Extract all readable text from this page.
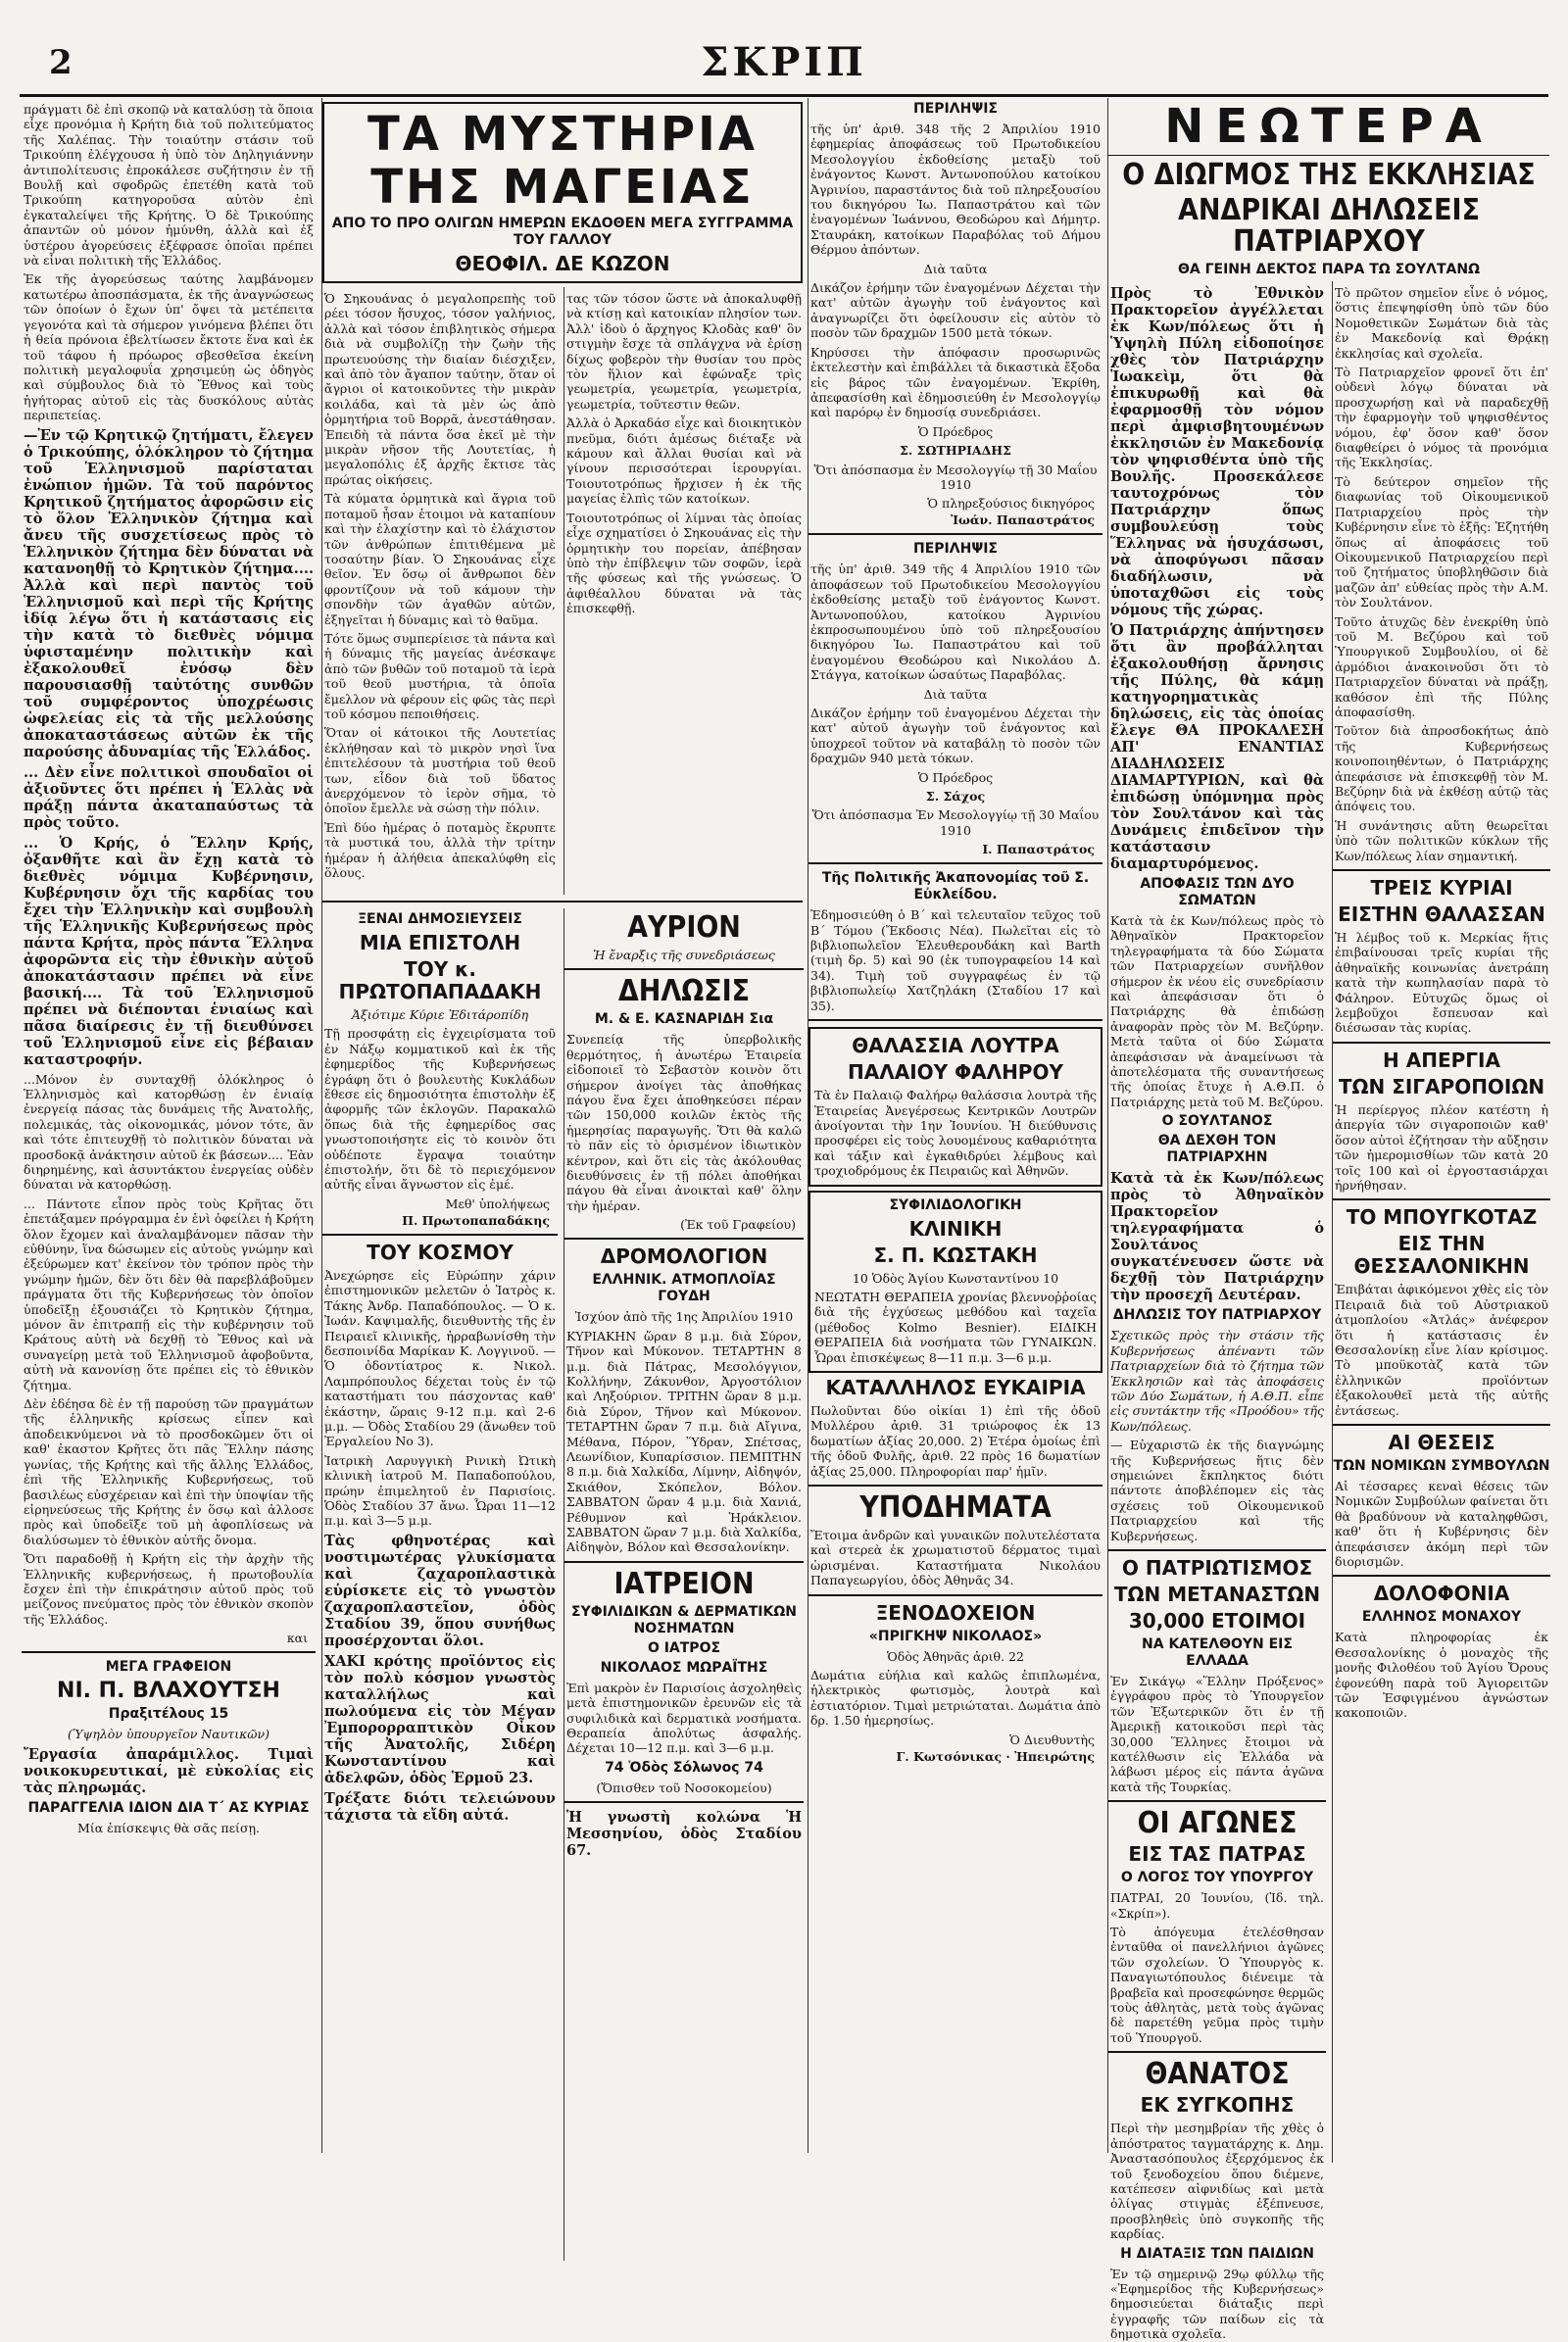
2	ΣΚΡΙΠ

πράγματι δὲ ἐπὶ σκοπῷ νὰ καταλύσῃ τὰ ὅποια εἶχε προνόμια ἡ Κρήτη διὰ τοῦ πολιτεύματος τῆς Χαλέπας. Τὴν τοιαύτην στάσιν τοῦ Τρικούπη ἐλέγχουσα ἡ ὑπὸ τὸν Δηληγιάννην ἀντιπολίτευσις ἐπροκάλεσε συζήτησιν ἐν τῇ Βουλῇ καὶ σφοδρῶς ἐπετέθη κατὰ τοῦ Τρικούπη κατηγοροῦσα αὐτὸν ἐπὶ ἐγκαταλείψει τῆς Κρήτης. Ὁ δὲ Τρικούπης ἀπαντῶν οὐ μόνον ἠμύνθη, ἀλλὰ καὶ ἐξ ὑστέρου ἀγορεύσεις ἐξέφρασε ὁποῖαι πρέπει νὰ εἶναι πολιτικὴ τῆς Ἑλλάδος.

Ἐκ τῆς ἀγορεύσεως ταύτης λαμβάνομεν κατωτέρω ἀποσπάσματα, ἐκ τῆς ἀναγνώσεως τῶν ὁποίων ὁ ἔχων ὑπ' ὄψει τὰ μετέπειτα γεγονότα καὶ τὰ σήμερον γινόμενα βλέπει ὅτι ἡ θεία πρόνοια ἐβελτίωσεν ἔκτοτε ἕνα καὶ ἐκ τοῦ τάφου ἡ πρόωρος σβεσθεῖσα ἐκείνη πολιτικὴ μεγαλοφυΐα χρησιμεύῃ ὡς ὁδηγὸς καὶ σύμβουλος διὰ τὸ Ἔθνος καὶ τοὺς ἡγήτορας αὐτοῦ εἰς τὰς δυσκόλους αὐτὰς περιπετείας.

—Ἐν τῷ Κρητικῷ ζητήματι, ἔλεγεν ὁ Τρικούπης, ὁλόκληρον τὸ ζήτημα τοῦ Ἑλληνισμοῦ παρίσταται ἐνώπιον ἡμῶν. Τὰ τοῦ παρόντος Κρητικοῦ ζητήματος ἀφορῶσιν εἰς τὸ ὅλον Ἑλληνικὸν ζήτημα καὶ ἄνευ τῆς συσχετίσεως πρὸς τὸ Ἑλληνικὸν ζήτημα δὲν δύναται νὰ κατανοηθῇ τὸ Κρητικὸν ζήτημα.... Ἀλλὰ καὶ περὶ παντὸς τοῦ Ἑλληνισμοῦ καὶ περὶ τῆς Κρήτης ἰδίᾳ λέγω ὅτι ἡ κατάστασις εἰς τὴν κατὰ τὸ διεθνὲς νόμιμα ὑφισταμένην πολιτικὴν καὶ ἐξακολουθεῖ ἐνόσῳ δὲν παρουσιασθῇ ταὐτότης συνθῶν τοῦ συμφέροντος ὑποχρέωσις ὠφελείας εἰς τὰ τῆς μελλούσης ἀποκαταστάσεως αὐτῶν ἐκ τῆς παρούσης ἀδυναμίας τῆς Ἑλλάδος.

... Δὲν εἶνε πολιτικοὶ σπουδαῖοι οἱ ἀξιοῦντες ὅτι πρέπει ἡ Ἑλλὰς νὰ πράξῃ πάντα ἀκαταπαύστως τὰ πρὸς τοῦτο.

... Ὁ Κρής, ὁ Ἕλλην Κρής, ὀξανθῆτε καὶ ἂν ἔχῃ κατὰ τὸ διεθνὲς νόμιμα Κυβέρνησιν, Κυβέρνησιν ὄχι τῆς καρδίας του ἔχει τὴν Ἑλληνικὴν καὶ συμβουλὴ τῆς Ἑλληνικῆς Κυβερνήσεως πρὸς πάντα Κρήτα, πρὸς πάντα Ἕλληνα ἀφορῶντα εἰς τὴν ἐθνικὴν αὐτοῦ ἀποκατάστασιν πρέπει νὰ εἶνε βασική.... Τὰ τοῦ Ἑλληνισμοῦ πρέπει νὰ διέπονται ἑνιαίως καὶ πᾶσα διαίρεσις ἐν τῇ διευθύνσει τοῦ Ἑλληνισμοῦ εἶνε εἰς βέβαιαν καταστροφήν.

...Μόνον ἐν συνταχθῇ ὁλόκληρος ὁ Ἑλληνισμὸς καὶ κατορθώσῃ ἐν ἑνιαίᾳ ἐνεργείᾳ πάσας τὰς δυνάμεις τῆς Ἀνατολῆς, πολεμικάς, τὰς οἰκονομικάς, μόνον τότε, ἂν καὶ τότε ἐπιτευχθῇ τὸ πολιτικὸν δύναται νὰ προσδοκᾷ ἀνάκτησιν αὐτοῦ ἐκ βάσεων.... Ἐὰν διηρημένης, καὶ ἀσυντάκτου ἐνεργείας οὐδὲν δύναται νὰ κατορθώσῃ.

... Πάντοτε εἶπον πρὸς τοὺς Κρῆτας ὅτι ἐπετάξαμεν πρόγραμμα ἐν ἑνὶ ὀφείλει ἡ Κρήτη ὅλον ἔχομεν καὶ ἀναλαμβάνομεν πᾶσαν τὴν εὐθύνην, ἵνα δώσωμεν εἰς αὐτοὺς γνώμην καὶ ἐξεύρωμεν κατ' ἐκείνον τὸν τρόπον πρὸς τὴν γνώμην ἡμῶν, δὲν ὅτι δὲν θὰ παρεβλάβοῦμεν πράγματα ὅτι τῆς Κυβερνήσεως τὸν ὁποῖον ὑποδεῖξῃ ἐξουσιάζει τὸ Κρητικὸν ζήτημα, μόνον ἂν ἐπιτραπῇ εἰς τὴν κυβέρνησιν τοῦ Κράτους αὐτὴ νὰ δεχθῇ τὸ Ἔθνος καὶ νὰ συναγείρῃ μετὰ τοῦ Ἑλληνισμοῦ ἀφοβοῦντα, αὐτὴ νὰ κανονίσῃ ὅτε πρέπει εἰς τὸ ἐθνικὸν ζήτημα.

Δὲν ἐδέησα δὲ ἐν τῇ παρούσῃ τῶν πραγμάτων τῆς ἑλληνικῆς κρίσεως εἶπεν καὶ ἀποδεικνύμενοι νὰ τὸ προσδοκῶμεν ὅτι οἱ καθ' ἐκαστον Κρῆτες ὅτι πᾶς Ἕλλην πάσης γωνίας, τῆς Κρήτης καὶ τῆς ἄλλης Ἑλλάδος, ἐπὶ τῆς Ἑλληνικῆς Κυβερνήσεως, τοῦ βασιλέως εὐσχέρειαν καὶ ἐπὶ τὴν ὑποψίαν τῆς εἰρηνεύσεως τῆς Κρήτης ἐν ὅσῳ καὶ ἀλλοσε πρὸς καὶ ὑποδεῖξε τοῦ μὴ ἀφοπλίσεως νὰ διαλύσωμεν τὸ ἐθνικὸν αὐτῆς ὄνομα.

Ὅτι παραδοθῇ ἡ Κρήτη εἰς τὴν ἀρχὴν τῆς Ἑλληνικῆς κυβερνήσεως, ἡ πρωτοβουλία ἔσχεν ἐπὶ τὴν ἐπικράτησιν αὐτοῦ πρὸς τοῦ μείζονος πνεύματος πρὸς τὸν ἐθνικὸν σκοπὸν τῆς Ἑλλάδος.

και
ΜΕΓΑ ΓΡΑΦΕΙΟΝ
ΝΙ. Π. ΒΛΑΧΟΥΤΣΗ
Πραξιτέλους 15
(Ὑψηλὸν ὑπουργεῖον Ναυτικῶν)

Ἔργασία ἀπαράμιλλος. Τιμαὶ νοικοκυρευτικαί, μὲ εὐκολίας εἰς τὰς πληρωμάς.

ΠΑΡΑΓΓΕΛΙΑ ΙΔΙΟΝ ΔΙΑ Τ΄ ΑΣ ΚΥΡΙΑΣ
Μία ἐπίσκεψις θὰ σᾶς πείσῃ.
ΤΑ ΜΥΣΤΗΡΙΑ
ΤΗΣ ΜΑΓΕΙΑΣ
ΑΠΟ ΤΟ ΠΡΟ ΟΛΙΓΩΝ ΗΜΕΡΩΝ ΕΚΔΟΘΕΝ ΜΕΓΑ ΣΥΓΓΡΑΜΜΑ ΤΟΥ ΓΑΛΛΟΥ
ΘΕΟΦΙΛ. ΔΕ ΚΩΖΟΝ

Ὁ Σηκουάνας ὁ μεγαλοπρεπὴς τοῦ ρέει τόσον ἥσυχος, τόσον γαλήνιος, ἀλλὰ καὶ τόσον ἐπιβλητικὸς σήμερα διὰ νὰ συμβολίζῃ τὴν ζωὴν τῆς πρωτευούσης τὴν διαίαν διέσχιξεν, καὶ ἀπὸ τὸν ἄγαπον ταύτην, ὅταν οἱ ἄγριοι οἱ κατοικοῦντες τὴν μικρὰν κοιλάδα, καὶ τὰ μὲν ὡς ἀπὸ ὁρμητήρια τοῦ Βορρᾶ, ἀνεστάθησαν. Ἐπειδὴ τὰ πάντα ὅσα ἐκεῖ μὲ τὴν μικρὰν νῆσον τῆς Λουτετίας, ἡ μεγαλοπόλις ἐξ ἀρχῆς ἔκτισε τὰς πρώτας οἰκήσεις.

Τὰ κύματα ὁρμητικὰ καὶ ἄγρια τοῦ ποταμοῦ ἦσαν ἐτοιμοι νὰ καταπίουν καὶ τὴν ἐλαχίστην καὶ τὸ ἐλάχιστον τῶν ἀνθρώπων ἐπιτιθέμενα μὲ τοσαύτην βίαν. Ὁ Σηκουάνας εἶχε θεῖον. Ἐν ὅσῳ οἱ ἄνθρωποι δὲν φροντίζουν νὰ τοῦ κάμουν τὴν σπονδὴν τῶν ἀγαθῶν αὐτῶν, ἐξηγεῖται ἡ δύναμις καὶ τὸ θαῦμα.

Τότε ὅμως συμπερίεισε τὰ πάντα καὶ ἡ δύναμις τῆς μαγείας ἀνέσκαψε ἀπὸ τῶν βυθῶν τοῦ ποταμοῦ τὰ ἱερὰ τοῦ θεοῦ μυστήρια, τὰ ὁποῖα ἔμελλον νὰ φέρουν εἰς φῶς τὰς περὶ τοῦ κόσμου πεποιθήσεις.

Ὅταν οἱ κάτοικοι τῆς Λουτετίας ἐκλήθησαν καὶ τὸ μικρὸν νησὶ ἵνα ἐπιτελέσουν τὰ μυστήρια τοῦ θεοῦ των, εἶδον διὰ τοῦ ὕδατος ἀνερχόμενον τὸ ἱερὸν σῆμα, τὸ ὁποῖον ἔμελλε νὰ σώσῃ τὴν πόλιν.

Ἐπὶ δύο ἡμέρας ὁ ποταμὸς ἔκρυπτε τὰ μυστικά του, ἀλλὰ τὴν τρίτην ἡμέραν ἡ ἀλήθεια ἀπεκαλύφθη εἰς ὅλους.

τας τῶν τόσον ὥστε νὰ ἀποκαλυφθῇ νὰ κτίσῃ καὶ κατοικίαν πλησίον των. Ἀλλ' ἰδοὺ ὁ ἄρχηγος Κλοδὰς καθ' ὃν στιγμὴν ἔσχε τὰ σπλάγχνα νὰ ἐρίσῃ δίχως φοβερὸν τὴν θυσίαν του πρὸς τὸν ἥλιον καὶ ἐφώναξε τρὶς γεωμετρία, γεωμετρία, γεωμετρία, γεωμετρία, τοῦτεστιν θεῶν.

Ἀλλὰ ὁ Ἀρκαδάσ εἶχε καὶ διοικητικὸν πνεῦμα, διότι ἀμέσως διέταξε νὰ κάμουν καὶ ἄλλαι θυσίαι καὶ νὰ γίνουν περισσότεραι ἱερουργίαι. Τοιουτοτρόπως ἤρχισεν ἡ ἐκ τῆς μαγείας ἐλπὶς τῶν κατοίκων.

Τοιουτοτρόπως οἱ λίμναι τὰς ὁποίας εἶχε σχηματίσει ὁ Σηκουάνας εἰς τὴν ὁρμητικὴν του πορείαν, ἀπέβησαν ὑπὸ τὴν ἐπίβλεψιν τῶν σοφῶν, ἱερὰ τῆς φύσεως καὶ τῆς γνώσεως. Ὁ ἀφιθέαλλου δύναται νὰ τὰς ἐπισκεφθῇ.

ΞΕΝΑΙ ΔΗΜΟΣΙΕΥΣΕΙΣ
ΜΙΑ ΕΠΙΣΤΟΛΗ
ΤΟΥ κ. ΠΡΩΤΟΠΑΠΑΔΑΚΗ
Ἀξιότιμε Κύριε Ἐδιτάροπίδη

Τῇ προσφάτῃ εἰς ἐγχειρίσματα τοῦ ἐν Νάξῳ κομματικοῦ καὶ ἐκ τῆς ἐφημερίδος τῆς Κυβερνήσεως ἐγράφη ὅτι ὁ βουλευτὴς Κυκλάδων ἔθεσε εἰς δημοσιότητα ἐπιστολὴν ἐξ ἀφορμῆς τῶν ἐκλογῶν. Παρακαλῶ ὅπως διὰ τῆς ἐφημερίδος σας γνωστοποιήσητε εἰς τὸ κοινὸν ὅτι οὐδέποτε ἔγραψα τοιαύτην ἐπιστολήν, ὅτι δὲ τὸ περιεχόμενον αὐτῆς εἶναι ἄγνωστον εἰς ἐμέ.

Μεθ' ὑπολήψεως
Π. Πρωτοπαπαδάκης
ΤΟΥ ΚΟΣΜΟΥ

Ἀνεχώρησε εἰς Εὐρώπην χάριν ἐπιστημονικῶν μελετῶν ὁ Ἰατρὸς κ. Τάκης Ἀνδρ. Παπαδόπουλος. — Ὁ κ. Ἰωάν. Καψιμαλῆς, διευθυντὴς τῆς ἐν Πειραιεῖ κλινικῆς, ἠρραβωνίσθη τὴν δεσποινίδα Μαρίκαν Κ. Λογγινοῦ. — Ὁ ὀδοντίατρος κ. Νικολ. Λαμπρόπουλος δέχεται τοὺς ἐν τῷ καταστήματι του πάσχοντας καθ' ἑκάστην, ὥραις 9-12 π.μ. καὶ 2-6 μ.μ. — Ὀδὸς Σταδίου 29 (ἄνωθεν τοῦ Ἐργαλείου Νο 3).

Ἰατρικὴ Λαρυγγικὴ Ρινικὴ Ὠτικὴ κλινικὴ ἰατροῦ Μ. Παπαδοπούλου, πρώην ἐπιμελητοῦ ἐν Παρισίοις. Ὁδὸς Σταδίου 37 ἄνω. Ὧραι 11—12 π.μ. καὶ 3—5 μ.μ.

Τὰς φθηνοτέρας καὶ νοστιμωτέρας γλυκίσματα καὶ ζαχαροπλαστικὰ εὑρίσκετε εἰς τὸ γνωστὸν ζαχαροπλαστεῖον, ὁδὸς Σταδίου 39, ὅπου συνήθως προσέρχονται ὅλοι.

ΧΑΚΙ κρότης προϊόντος εἰς τὸν πολὺ κόσμον γνωστὸς καταλλήλως καὶ πωλούμενα εἰς τὸν Μέγαν Ἐμπορορραπτικὸν Οἶκον τῆς Ἀνατολῆς, Σιδέρη Κωνσταντίνου καὶ ἀδελφῶν, ὁδὸς Ἑρμοῦ 23.

Τρέξατε διότι τελειώνουν τάχιστα τὰ εἴδη αὐτά.

ΑΥΡΙΟΝ
Ἡ ἔναρξις τῆς συνεδριάσεως
ΔΗΛΩΣΙΣ
Μ. & Ε. ΚΑΣΝΑΡΙΔΗ Σια

Συνεπείᾳ τῆς ὑπερβολικῆς θερμότητος, ἡ ἀνωτέρω Ἑταιρεία εἰδοποιεῖ τὸ Σεβαστὸν κοινὸν ὅτι σήμερον ἀνοίγει τὰς ἀποθήκας πάγου ἕνα ἔχει ἀποθηκεύσει πέραν τῶν 150,000 κοιλῶν ἐκτὸς τῆς ἡμερησίας παραγωγῆς. Ὅτι θὰ καλῶ τὸ πᾶν εἰς τὸ ὀρισμένον ἰδιωτικὸν κέντρον, καὶ ὅτι εἰς τὰς ἀκόλουθας διευθύνσεις ἐν τῇ πόλει ἀποθήκαι πάγου θὰ εἶναι ἀνοικταὶ καθ' ὅλην τὴν ἡμέραν.

(Ἐκ τοῦ Γραφείου)
ΔΡΟΜΟΛΟΓΙΟΝ
ΕΛΛΗΝΙΚ. ΑΤΜΟΠΛΟΪΑΣ ΓΟΥΔΗ
Ἰσχύον ἀπὸ τῆς 1ης Ἀπριλίου 1910

ΚΥΡΙΑΚΗΝ ὥραν 8 μ.μ. διὰ Σύρον, Τῆνον καὶ Μύκονον. ΤΕΤΑΡΤΗΝ 8 μ.μ. διὰ Πάτρας, Μεσολόγγιον, Κολλήνην, Ζάκυνθον, Ἀργοστόλιον καὶ Ληξούριον. ΤΡΙΤΗΝ ὥραν 8 μ.μ. διὰ Σύρον, Τῆνον καὶ Μύκονον. ΤΕΤΑΡΤΗΝ ὥραν 7 π.μ. διὰ Αἴγινα, Μέθανα, Πόρον, Ὕδραν, Σπέτσας, Λεωνίδιον, Κυπαρίσσιον. ΠΕΜΠΤΗΝ 8 π.μ. διὰ Χαλκίδα, Λίμνην, Αἰδηψόν, Σκιάθον, Σκόπελον, Βόλον. ΣΑΒΒΑΤΟΝ ὥραν 4 μ.μ. διὰ Χανιά, Ρέθυμνον καὶ Ἡράκλειον. ΣΑΒΒΑΤΟΝ ὥραν 7 μ.μ. διὰ Χαλκίδα, Αἰδηψὸν, Βόλον καὶ Θεσσαλονίκην.

ΙΑΤΡΕΙΟΝ
ΣΥΦΙΛΙΔΙΚΩΝ & ΔΕΡΜΑΤΙΚΩΝ ΝΟΣΗΜΑΤΩΝ
Ο ΙΑΤΡΟΣ
ΝΙΚΟΛΑΟΣ ΜΩΡΑΪΤΗΣ

Ἐπὶ μακρὸν ἐν Παρισίοις ἀσχοληθεὶς μετὰ ἐπιστημονικῶν ἐρευνῶν εἰς τὰ συφιλιδικὰ καὶ δερματικὰ νοσήματα. Θεραπεία ἀπολύτως ἀσφαλής. Δέχεται 10—12 π.μ. καὶ 3—6 μ.μ.

74 Ὁδὸς Σόλωνος 74
(Ὄπισθεν τοῦ Νοσοκομείου)

Ἡ γνωστὴ κολώνα Ἡ Μεσσηνίου, ὁδὸς Σταδίου 67.

ΠΕΡΙΛΗΨΙΣ

τῆς ὑπ' ἀριθ. 348 τῆς 2 Ἀπριλίου 1910 ἐφημερίας ἀποφάσεως τοῦ Πρωτοδικείου Μεσολογγίου ἐκδοθείσης μεταξὺ τοῦ ἐνάγοντος Κωνστ. Ἀντωνοπούλου κατοίκου Ἀγρινίου, παραστάντος διὰ τοῦ πληρεξουσίου του δικηγόρου Ἰω. Παπαστράτου καὶ τῶν ἐναγομένων Ἰωάννου, Θεοδώρου καὶ Δήμητρ. Σταυράκη, κατοίκων Παραβόλας τοῦ Δήμου Θέρμου ἀπόντων.

Διὰ ταῦτα

Δικάζον ἐρήμην τῶν ἐναγομένων Δέχεται τὴν κατ' αὐτῶν ἀγωγὴν τοῦ ἐνάγοντος καὶ ἀναγνωρίζει ὅτι ὀφείλουσιν εἰς αὐτὸν τὸ ποσὸν τῶν δραχμῶν 1500 μετὰ τόκων.

Κηρύσσει τὴν ἀπόφασιν προσωρινῶς ἐκτελεστὴν καὶ ἐπιβάλλει τὰ δικαστικὰ ἔξοδα εἰς βάρος τῶν ἐναγομένων. Ἐκρίθη, ἀπεφασίσθη καὶ ἐδημοσιεύθη ἐν Μεσολογγίῳ καὶ παρόρῳ ἐν δημοσίᾳ συνεδριάσει.

Ὁ Πρόεδρος
Σ. ΣΩΤΗΡΙΑΔΗΣ
Ὅτι ἀπόσπασμα ἐν Μεσολογγίῳ τῇ 30 Μαΐου 1910
Ὁ πληρεξούσιος δικηγόρος
Ἰωάν. Παπαστράτος
ΠΕΡΙΛΗΨΙΣ

τῆς ὑπ' ἀριθ. 349 τῆς 4 Ἀπριλίου 1910 τῶν ἀποφάσεων τοῦ Πρωτοδικείου Μεσολογγίου ἐκδοθείσης μεταξὺ τοῦ ἐνάγοντος Κωνστ. Ἀντωνοπούλου, κατοίκου Ἀγρινίου ἐκπροσωπουμένου ὑπὸ τοῦ πληρεξουσίου δικηγόρου Ἰω. Παπαστράτου καὶ τοῦ ἐναγομένου Θεοδώρου καὶ Νικολάου Δ. Στάγγα, κατοίκων ὡσαύτως Παραβόλας.

Διὰ ταῦτα

Δικάζον ἐρήμην τοῦ ἐναγομένου Δέχεται τὴν κατ' αὐτοῦ ἀγωγὴν τοῦ ἐνάγοντος καὶ ὑποχρεοῖ τοῦτον νὰ καταβάλῃ τὸ ποσὸν τῶν δραχμῶν 940 μετὰ τόκων.

Ὁ Πρόεδρος
Σ. Σάχος
Ὅτι ἀπόσπασμα Ἐν Μεσολογγίῳ τῇ 30 Μαΐου 1910
Ι. Παπαστράτος
Τῆς Πολιτικῆς Ἀκαπονομίας τοῦ Σ. Εὐκλείδου.

Ἐδημοσιεύθη ὁ Β΄ καὶ τελευταῖον τεῦχος τοῦ Β΄ Τόμου (Ἔκδοσις Νέα). Πωλεῖται εἰς τὸ βιβλιοπωλεῖον Ἑλευθερουδάκη καὶ Barth (τιμὴ δρ. 5) καὶ 90 (ἐκ τυπογραφείου 14 καὶ 34). Τιμὴ τοῦ συγγραφέως ἐν τῷ βιβλιοπωλείῳ Χατζηλάκη (Σταδίου 17 καὶ 35).

ΘΑΛΑΣΣΙΑ ΛΟΥΤΡΑ
ΠΑΛΑΙΟΥ ΦΑΛΗΡΟΥ

Τὰ ἐν Παλαιῷ Φαλήρῳ θαλάσσια λουτρὰ τῆς Ἑταιρείας Ἀνεγέρσεως Κεντρικῶν Λουτρῶν ἀνοίγονται τὴν 1ην Ἰουνίου. Ἡ διεύθυνσις προσφέρει εἰς τοὺς λουομένους καθαριότητα καὶ τάξιν καὶ ἐγκαθιδρύει λέμβους καὶ τροχιοδρόμους ἐκ Πειραιῶς καὶ Ἀθηνῶν.

ΣΥΦΙΛΙΔΟΛΟΓΙΚΗ
ΚΛΙΝΙΚΗ
Σ. Π. ΚΩΣΤΑΚΗ
10 Ὁδὸς Ἁγίου Κωνσταντίνου 10

ΝΕΩΤΑΤΗ ΘΕΡΑΠΕΙΑ χρονίας βλεννοῤῥοίας διὰ τῆς ἐγχύσεως μεθόδου καὶ ταχεῖα (μέθοδος Kolmo Besnier). ΕΙΔΙΚΗ ΘΕΡΑΠΕΙΑ διὰ νοσήματα τῶν ΓΥΝΑΙΚΩΝ. Ὧραι ἐπισκέψεως 8—11 π.μ. 3—6 μ.μ.

ΚΑΤΑΛΛΗΛΟΣ ΕΥΚΑΙΡΙΑ

Πωλοῦνται δύο οἰκίαι 1) ἐπὶ τῆς ὁδοῦ Μυλλέρου ἀριθ. 31 τριώροφος ἐκ 13 δωματίων ἀξίας 20,000. 2) Ἑτέρα ὁμοίως ἐπὶ τῆς ὁδοῦ Φυλῆς, ἀριθ. 22 πρὸς 16 δωματίων ἀξίας 25,000. Πληροφορίαι παρ' ἡμῖν.

ΥΠΟΔΗΜΑΤΑ

Ἔτοιμα ἀνδρῶν καὶ γυναικῶν πολυτελέστατα καὶ στερεὰ ἐκ χρωματιστοῦ δέρματος τιμαὶ ὡρισμέναι. Καταστήματα Νικολάου Παπαγεωργίου, ὁδὸς Ἀθηνᾶς 34.

ΞΕΝΟΔΟΧΕΙΟΝ
«ΠΡΙΓΚΗΨ ΝΙΚΟΛΑΟΣ»
Ὁδὸς Ἀθηνᾶς ἀριθ. 22

Δωμάτια εὐήλια καὶ καλῶς ἐπιπλωμένα, ἡλεκτρικὸς φωτισμὸς, λουτρὰ καὶ ἐστιατόριον. Τιμαὶ μετριώταται. Δωμάτια ἀπὸ δρ. 1.50 ἡμερησίως.

Ὁ Διευθυντὴς
Γ. Κωτσόνικας · Ἠπειρώτης
ΝΕΩΤΕΡΑ
Ο ΔΙΩΓΜΟΣ ΤΗΣ ΕΚΚΛΗΣΙΑΣ
ΑΝΔΡΙΚΑΙ ΔΗΛΩΣΕΙΣ ΠΑΤΡΙΑΡΧΟΥ
ΘΑ ΓΕΙΝΗ ΔΕΚΤΟΣ ΠΑΡΑ ΤΩ ΣΟΥΛΤΑΝΩ

Πρὸς τὸ Ἐθνικὸν Πρακτορεῖον ἀγγέλλεται ἐκ Κων/πόλεως ὅτι ἡ Ὑψηλὴ Πύλη εἰδοποίησε χθὲς τὸν Πατριάρχην Ἰωακεὶμ, ὅτι θὰ ἐπικυρωθῇ καὶ θὰ ἐφαρμοσθῇ τὸν νόμον περὶ ἀμφισβητουμένων ἐκκλησιῶν ἐν Μακεδονίᾳ τὸν ψηφισθέντα ὑπὸ τῆς Βουλῆς. Προσεκάλεσε ταυτοχρόνως τὸν Πατριάρχην ὅπως συμβουλεύσῃ τοὺς Ἕλληνας νὰ ἡσυχάσωσι, νὰ ἀποφύγωσι πᾶσαν διαδήλωσιν, νὰ ὑποταχθῶσι εἰς τοὺς νόμους τῆς χώρας.

Ὁ Πατριάρχης ἀπήντησεν ὅτι ἂν προβάλληται ἐξακολουθήσῃ ἄρνησις τῆς Πύλης, θὰ κάμῃ κατηγορηματικὰς δηλώσεις, εἰς τὰς ὁποίας ἔλεγε ΘΑ ΠΡΟΚΑΛΕΣΗ ΑΠ' ΕΝΑΝΤΙΑΣ ΔΙΑΔΗΛΩΣΕΙΣ ΔΙΑΜΑΡΤΥΡΙΩΝ, καὶ θὰ ἐπιδώσῃ ὑπόμνημα πρὸς τὸν Σουλτάνον καὶ τὰς Δυνάμεις ἐπιδεῖνον τὴν κατάστασιν διαμαρτυρόμενος.

ΑΠΟΦΑΣΙΣ ΤΩΝ ΔΥΟ ΣΩΜΑΤΩΝ

Κατὰ τὰ ἐκ Κων/πόλεως πρὸς τὸ Ἀθηναϊκὸν Πρακτορεῖον τηλεγραφήματα τὰ δύο Σώματα τῶν Πατριαρχείων συνῆλθον σήμερον ἐκ νέου εἰς συνεδρίασιν καὶ ἀπεφάσισαν ὅτι ὁ Πατριάρχης θὰ ἐπιδώσῃ ἀναφορὰν πρὸς τὸν Μ. Βεζύρην. Μετὰ ταῦτα οἱ δύο Σώματα ἀπεφάσισαν νὰ ἀναμείνωσι τὰ ἀποτελέσματα τῆς συναντήσεως τῆς ὁποίας ἔτυχε ἡ Α.Θ.Π. ὁ Πατριάρχης μετὰ τοῦ Μ. Βεζύρου.

Ο ΣΟΥΛΤΑΝΟΣ
ΘΑ ΔΕΧΘΗ ΤΟΝ ΠΑΤΡΙΑΡΧΗΝ

Κατὰ τὰ ἐκ Κων/πόλεως πρὸς τὸ Ἀθηναϊκὸν Πρακτορεῖον τηλεγραφήματα ὁ Σουλτάνος συγκατένευσεν ὥστε νὰ δεχθῇ τὸν Πατριάρχην τὴν προσεχῆ Δευτέραν.

ΔΗΛΩΣΙΣ ΤΟΥ ΠΑΤΡΙΑΡΧΟΥ

Σχετικῶς πρὸς τὴν στάσιν τῆς Κυβερνήσεως ἀπέναντι τῶν Πατριαρχείων διὰ τὸ ζήτημα τῶν Ἐκκλησιῶν καὶ τὰς ἀποφάσεις τῶν Δύο Σωμάτων, ἡ Α.Θ.Π. εἶπε εἰς συντάκτην τῆς «Προόδου» τῆς Κων/πόλεως.

— Εὐχαριστῶ ἐκ τῆς διαγνώμης τῆς Κυβερνήσεως ἥτις δὲν σημειώνει ἔκπληκτος διότι πάντοτε ἀποβλέπομεν εἰς τὰς σχέσεις τοῦ Οἰκουμενικοῦ Πατριαρχείου καὶ τῆς Κυβερνήσεως.

Ο ΠΑΤΡΙΩΤΙΣΜΟΣ
ΤΩΝ ΜΕΤΑΝΑΣΤΩΝ
30,000 ΕΤΟΙΜΟΙ
ΝΑ ΚΑΤΕΛΘΟΥΝ ΕΙΣ ΕΛΛΑΔΑ

Ἐν Σικάγῳ «Ἕλλην Πρόξενος» ἐγγράφου πρὸς τὸ Ὑπουργεῖον τῶν Ἐξωτερικῶν ὅτι ἐν τῇ Ἀμερικῇ κατοικοῦσι περὶ τὰς 30,000 Ἕλληνες ἔτοιμοι νὰ κατέλθωσιν εἰς Ἑλλάδα νὰ λάβωσι μέρος εἰς πάντα ἀγῶνα κατὰ τῆς Τουρκίας.

ΟΙ ΑΓΩΝΕΣ
ΕΙΣ ΤΑΣ ΠΑΤΡΑΣ
Ο ΛΟΓΟΣ ΤΟΥ ΥΠΟΥΡΓΟΥ

ΠΑΤΡΑΙ, 20 Ἰουνίου, (Ἰδ. τηλ. «Σκρίπ»).

Τὸ ἀπόγευμα ἐτελέσθησαν ἐνταῦθα οἱ πανελλήνιοι ἀγῶνες τῶν σχολείων. Ὁ Ὑπουργὸς κ. Παναγιωτόπουλος διένειμε τὰ βραβεῖα καὶ προσεφώνησε θερμῶς τοὺς ἀθλητὰς, μετὰ τοὺς ἀγῶνας δὲ παρετέθη γεῦμα πρὸς τιμὴν τοῦ Ὑπουργοῦ.

ΘΑΝΑΤΟΣ
ΕΚ ΣΥΓΚΟΠΗΣ

Περὶ τὴν μεσημβρίαν τῆς χθὲς ὁ ἀπόστρατος ταγματάρχης κ. Δημ. Ἀναστασόπουλος ἐξερχόμενος ἐκ τοῦ ξενοδοχείου ὅπου διέμενε, κατέπεσεν αἰφνιδίως καὶ μετὰ ὀλίγας στιγμὰς ἐξέπνευσε, προσβληθεὶς ὑπὸ συγκοπῆς τῆς καρδίας.

Η ΔΙΑΤΑΞΙΣ ΤΩΝ ΠΑΙΔΙΩΝ

Ἐν τῷ σημερινῷ 29ῳ φύλλῳ τῆς «Ἐφημερίδος τῆς Κυβερνήσεως» δημοσιεύεται διάταξις περὶ ἐγγραφῆς τῶν παίδων εἰς τὰ δημοτικὰ σχολεῖα.

Τὸ πρῶτον σημεῖον εἶνε ὁ νόμος, ὅστις ἐπεψηφίσθη ὑπὸ τῶν δύο Νομοθετικῶν Σωμάτων διὰ τὰς ἐν Μακεδονίᾳ καὶ Θρᾴκῃ ἐκκλησίας καὶ σχολεῖα.

Τὸ Πατριαρχεῖον φρονεῖ ὅτι ἐπ' οὐδενὶ λόγῳ δύναται νὰ προσχωρήσῃ καὶ νὰ παραδεχθῇ τὴν ἐφαρμογὴν τοῦ ψηφισθέντος νόμου, ἐφ' ὅσον καθ' ὅσον διαφθείρει ὁ νόμος τὰ προνόμια τῆς Ἐκκλησίας.

Τὸ δεύτερον σημεῖον τῆς διαφωνίας τοῦ Οἰκουμενικοῦ Πατριαρχείου πρὸς τὴν Κυβέρνησιν εἶνε τὸ ἑξῆς: Ἐζητήθη ὅπως αἱ ἀποφάσεις τοῦ Οἰκουμενικοῦ Πατριαρχείου περὶ τοῦ ζητήματος ὑποβληθῶσιν διὰ μαζῶν ἀπ' εὐθείας πρὸς τὴν Α.Μ. τὸν Σουλτάνον.

Τοῦτο ἀτυχῶς δὲν ἐνεκρίθη ὑπὸ τοῦ Μ. Βεζύρου καὶ τοῦ Ὑπουργικοῦ Συμβουλίου, οἱ δὲ ἁρμόδιοι ἀνακοινοῦσι ὅτι τὸ Πατριαρχεῖον δύναται νὰ πράξῃ, καθόσον ἐπὶ τῆς Πύλης ἀποφασίσθη.

Τοῦτον διὰ ἀπροσδοκήτως ἀπὸ τῆς Κυβερνήσεως κοινοποιηθέντων, ὁ Πατριάρχης ἀπεφάσισε νὰ ἐπισκεφθῇ τὸν Μ. Βεζύρην διὰ νὰ ἐκθέσῃ αὐτῷ τὰς ἀπόψεις του.

Ἡ συνάντησις αὕτη θεωρεῖται ὑπὸ τῶν πολιτικῶν κύκλων τῆς Κων/πόλεως λίαν σημαντική.

ΤΡΕΙΣ ΚΥΡΙΑΙ
ΕΙΣΤΗΝ ΘΑΛΑΣΣΑΝ

Ἡ λέμβος τοῦ κ. Μερκίας ἥτις ἐπιβαίνουσαι τρεῖς κυρίαι τῆς ἀθηναϊκῆς κοινωνίας ἀνετράπη κατὰ τὴν κωπηλασίαν παρὰ τὸ Φάληρον. Εὐτυχῶς ὅμως οἱ λεμβοῦχοι ἔσπευσαν καὶ διέσωσαν τὰς κυρίας.

Η ΑΠΕΡΓΙΑ
ΤΩΝ ΣΙΓΑΡΟΠΟΙΩΝ

Ἡ περίεργος πλέον κατέστη ἡ ἀπεργία τῶν σιγαροποιῶν καθ' ὅσον αὐτοὶ ἐζήτησαν τὴν αὔξησιν τῶν ἡμερομισθίων τῶν κατὰ 20 τοῖς 100 καὶ οἱ ἐργοστασιάρχαι ἠρνήθησαν.

ΤΟ ΜΠΟΥΓΚΟΤΑΖ
ΕΙΣ ΤΗΝ ΘΕΣΣΑΛΟΝΙΚΗΝ

Ἐπιβάται ἀφικόμενοι χθὲς εἰς τὸν Πειραιᾶ διὰ τοῦ Αὐστριακοῦ ἀτμοπλοίου «Ἀτλάς» ἀνέφερον ὅτι ἡ κατάστασις ἐν Θεσσαλονίκῃ εἶνε λίαν κρίσιμος. Τὸ μποϋκοτὰζ κατὰ τῶν ἑλληνικῶν προϊόντων ἐξακολουθεῖ μετὰ τῆς αὐτῆς ἐντάσεως.

ΑΙ ΘΕΣΕΙΣ
ΤΩΝ ΝΟΜΙΚΩΝ ΣΥΜΒΟΥΛΩΝ

Αἱ τέσσαρες κεναὶ θέσεις τῶν Νομικῶν Συμβούλων φαίνεται ὅτι θὰ βραδύνουν νὰ καταληφθῶσι, καθ' ὅτι ἡ Κυβέρνησις δὲν ἀπεφάσισεν ἀκόμη περὶ τῶν διορισμῶν.

ΔΟΛΟΦΟΝΙΑ
ΕΛΛΗΝΟΣ ΜΟΝΑΧΟΥ

Κατὰ πληροφορίας ἐκ Θεσσαλονίκης ὁ μοναχὸς τῆς μονῆς Φιλοθέου τοῦ Ἁγίου Ὄρους ἐφονεύθη παρὰ τοῦ Ἀγιορειτῶν τῶν Ἐσφιγμένου ἀγνώστων κακοποιῶν.
